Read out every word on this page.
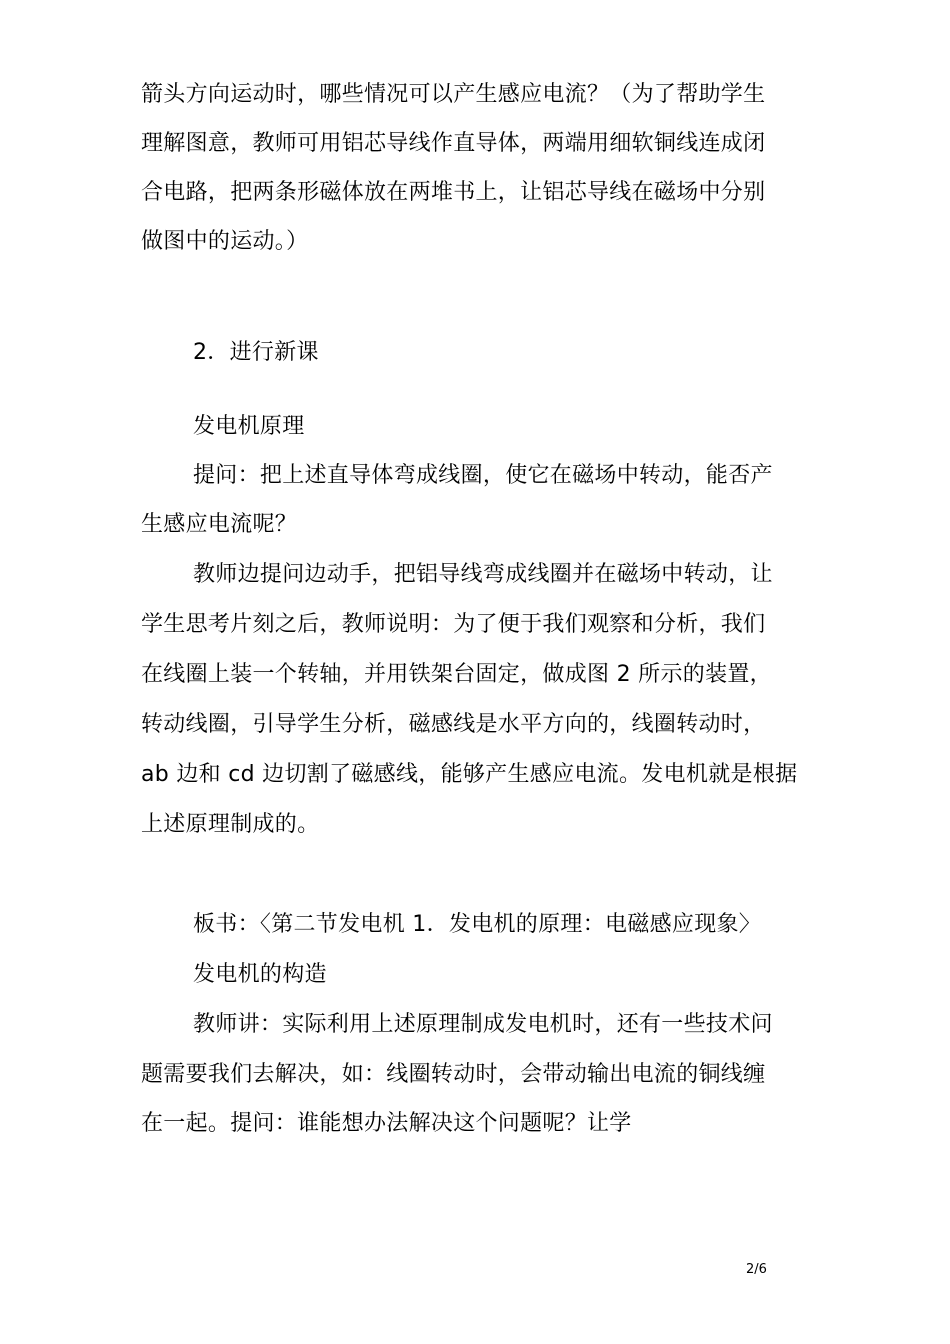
箭头方向运动时，哪些情况可以产生感应电流？（为了帮助学生
理解图意，教师可用铝芯导线作直导体，两端用细软铜线连成闭
合电路，把两条形磁体放在两堆书上，让铝芯导线在磁场中分别
做图中的运动。）
2．进行新课
发电机原理
提问：把上述直导体弯成线圈，使它在磁场中转动，能否产
生感应电流呢？
教师边提问边动手，把铝导线弯成线圈并在磁场中转动，让
学生思考片刻之后，教师说明：为了便于我们观察和分析，我们
在线圈上装一个转轴，并用铁架台固定，做成图 2 所示的装置，
转动线圈，引导学生分析，磁感线是水平方向的，线圈转动时，
ab 边和 cd 边切割了磁感线，能够产生感应电流。发电机就是根据
上述原理制成的。
板书：〈第二节发电机 1．发电机的原理：电磁感应现象〉
发电机的构造
教师讲：实际利用上述原理制成发电机时，还有一些技术问
题需要我们去解决，如：线圈转动时，会带动输出电流的铜线缠
在一起。提问：谁能想办法解决这个问题呢？让学
2/6
